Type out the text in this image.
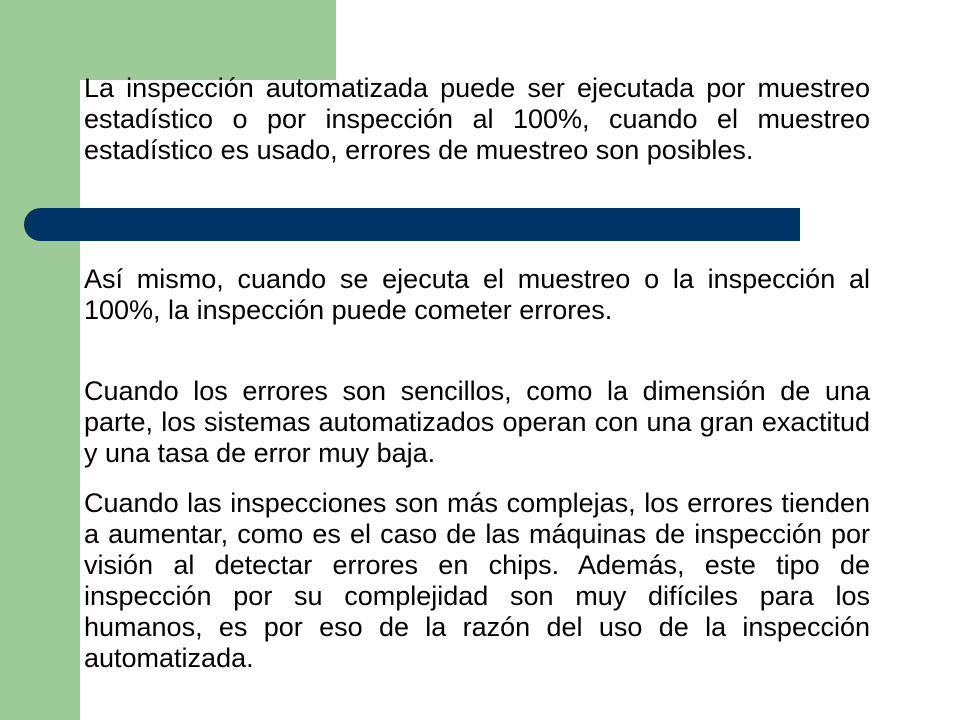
La inspección automatizada puede ser ejecutada por muestreo estadístico o por inspección al 100%, cuando el muestreo estadístico es usado, errores de muestreo son posibles.

Así mismo, cuando se ejecuta el muestreo o la inspección al 100%, la inspección puede cometer errores.

Cuando los errores son sencillos, como la dimensión de una parte, los sistemas automatizados operan con una gran exactitud y una tasa de error muy baja.

Cuando las inspecciones son más complejas, los errores tienden a aumentar, como es el caso de las máquinas de inspección por visión al detectar errores en chips. Además, este tipo de inspección por su complejidad son muy difíciles para los humanos, es por eso de la razón del uso de la inspección automatizada.
